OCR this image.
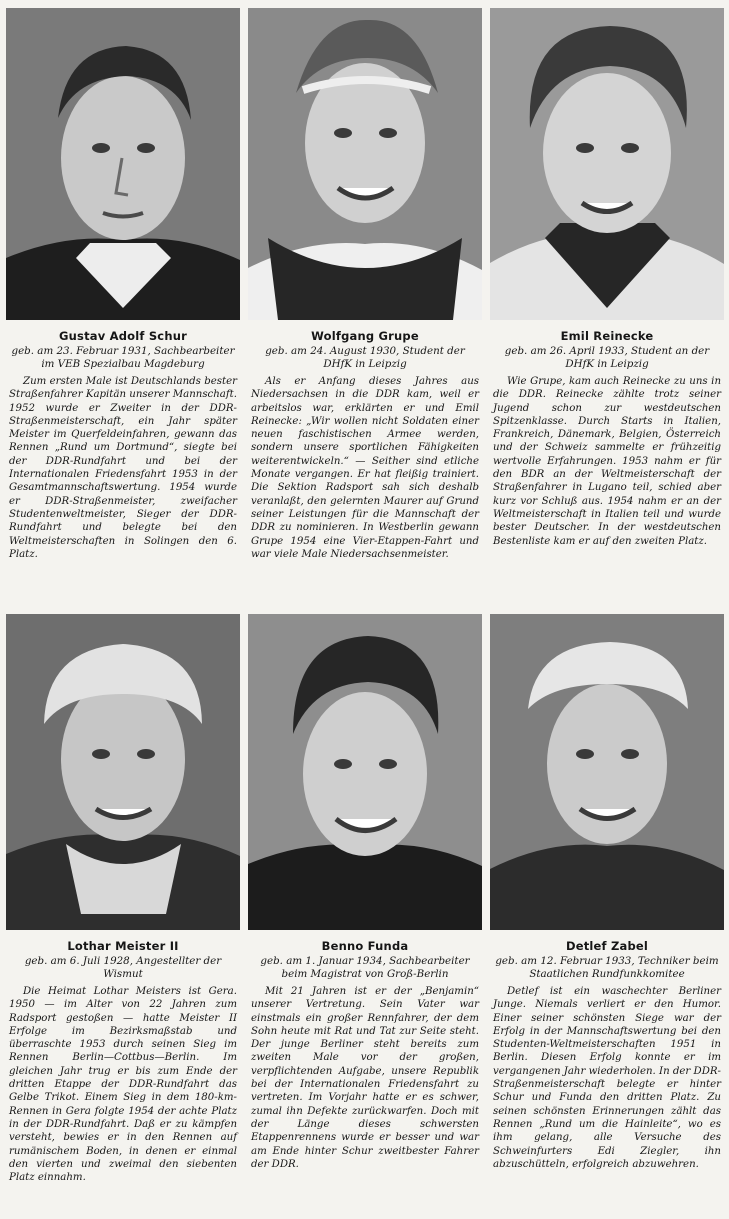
Gustav Adolf Schur
geb. am 23. Februar 1931, Sachbearbeiter im VEB Spezialbau Magdeburg
Zum ersten Male ist Deutschlands bester Straßenfahrer Kapitän unserer Mannschaft. 1952 wurde er Zweiter in der DDR-Straßenmeisterschaft, ein Jahr später Meister im Querfeldeinfahren, gewann das Rennen „Rund um Dortmund“, siegte bei der DDR-Rundfahrt und bei der Internationalen Friedensfahrt 1953 in der Gesamtmannschaftswertung. 1954 wurde er DDR-Straßenmeister, zweifacher Studentenweltmeister, Sieger der DDR-Rundfahrt und belegte bei den Weltmeisterschaften in Solingen den 6. Platz.
Wolfgang Grupe
geb. am 24. August 1930, Student der DHfK in Leipzig
Als er Anfang dieses Jahres aus Niedersachsen in die DDR kam, weil er arbeitslos war, erklärten er und Emil Reinecke: „Wir wollen nicht Soldaten einer neuen faschistischen Armee werden, sondern unsere sportlichen Fähigkeiten weiterentwickeln.“ — Seither sind etliche Monate vergangen. Er hat fleißig trainiert. Die Sektion Radsport sah sich deshalb veranlaßt, den gelernten Maurer auf Grund seiner Leistungen für die Mannschaft der DDR zu nominieren. In Westberlin gewann Grupe 1954 eine Vier-Etappen-Fahrt und war viele Male Niedersachsenmeister.
Emil Reinecke
geb. am 26. April 1933, Student an der DHfK in Leipzig
Wie Grupe, kam auch Reinecke zu uns in die DDR. Reinecke zählte trotz seiner Jugend schon zur westdeutschen Spitzenklasse. Durch Starts in Italien, Frankreich, Dänemark, Belgien, Österreich und der Schweiz sammelte er frühzeitig wertvolle Erfahrungen. 1953 nahm er für den BDR an der Weltmeisterschaft der Straßenfahrer in Lugano teil, schied aber kurz vor Schluß aus. 1954 nahm er an der Weltmeisterschaft in Italien teil und wurde bester Deutscher. In der westdeutschen Bestenliste kam er auf den zweiten Platz.
Lothar Meister II
geb. am 6. Juli 1928, Angestellter der Wismut
Die Heimat Lothar Meisters ist Gera. 1950 — im Alter von 22 Jahren zum Radsport gestoßen — hatte Meister II Erfolge im Bezirksmaßstab und überraschte 1953 durch seinen Sieg im Rennen Berlin—Cottbus—Berlin. Im gleichen Jahr trug er bis zum Ende der dritten Etappe der DDR-Rundfahrt das Gelbe Trikot. Einem Sieg in dem 180-km-Rennen in Gera folgte 1954 der achte Platz in der DDR-Rundfahrt. Daß er zu kämpfen versteht, bewies er in den Rennen auf rumänischem Boden, in denen er einmal den vierten und zweimal den siebenten Platz einnahm.
Benno Funda
geb. am 1. Januar 1934, Sachbearbeiter beim Magistrat von Groß-Berlin
Mit 21 Jahren ist er der „Benjamin“ unserer Vertretung. Sein Vater war einstmals ein großer Rennfahrer, der dem Sohn heute mit Rat und Tat zur Seite steht. Der junge Berliner steht bereits zum zweiten Male vor der großen, verpflichtenden Aufgabe, unsere Republik bei der Internationalen Friedensfahrt zu vertreten. Im Vorjahr hatte er es schwer, zumal ihn Defekte zurückwarfen. Doch mit der Länge dieses schwersten Etappenrennens wurde er besser und war am Ende hinter Schur zweitbester Fahrer der DDR.
Detlef Zabel
geb. am 12. Februar 1933, Techniker beim Staatlichen Rundfunkkomitee
Detlef ist ein waschechter Berliner Junge. Niemals verliert er den Humor. Einer seiner schönsten Siege war der Erfolg in der Mannschaftswertung bei den Studenten-Weltmeisterschaften 1951 in Berlin. Diesen Erfolg konnte er im vergangenen Jahr wiederholen. In der DDR-Straßenmeisterschaft belegte er hinter Schur und Funda den dritten Platz. Zu seinen schönsten Erinnerungen zählt das Rennen „Rund um die Hainleite“, wo es ihm gelang, alle Versuche des Schweinfurters Edi Ziegler, ihn abzuschütteln, erfolgreich abzuwehren.
